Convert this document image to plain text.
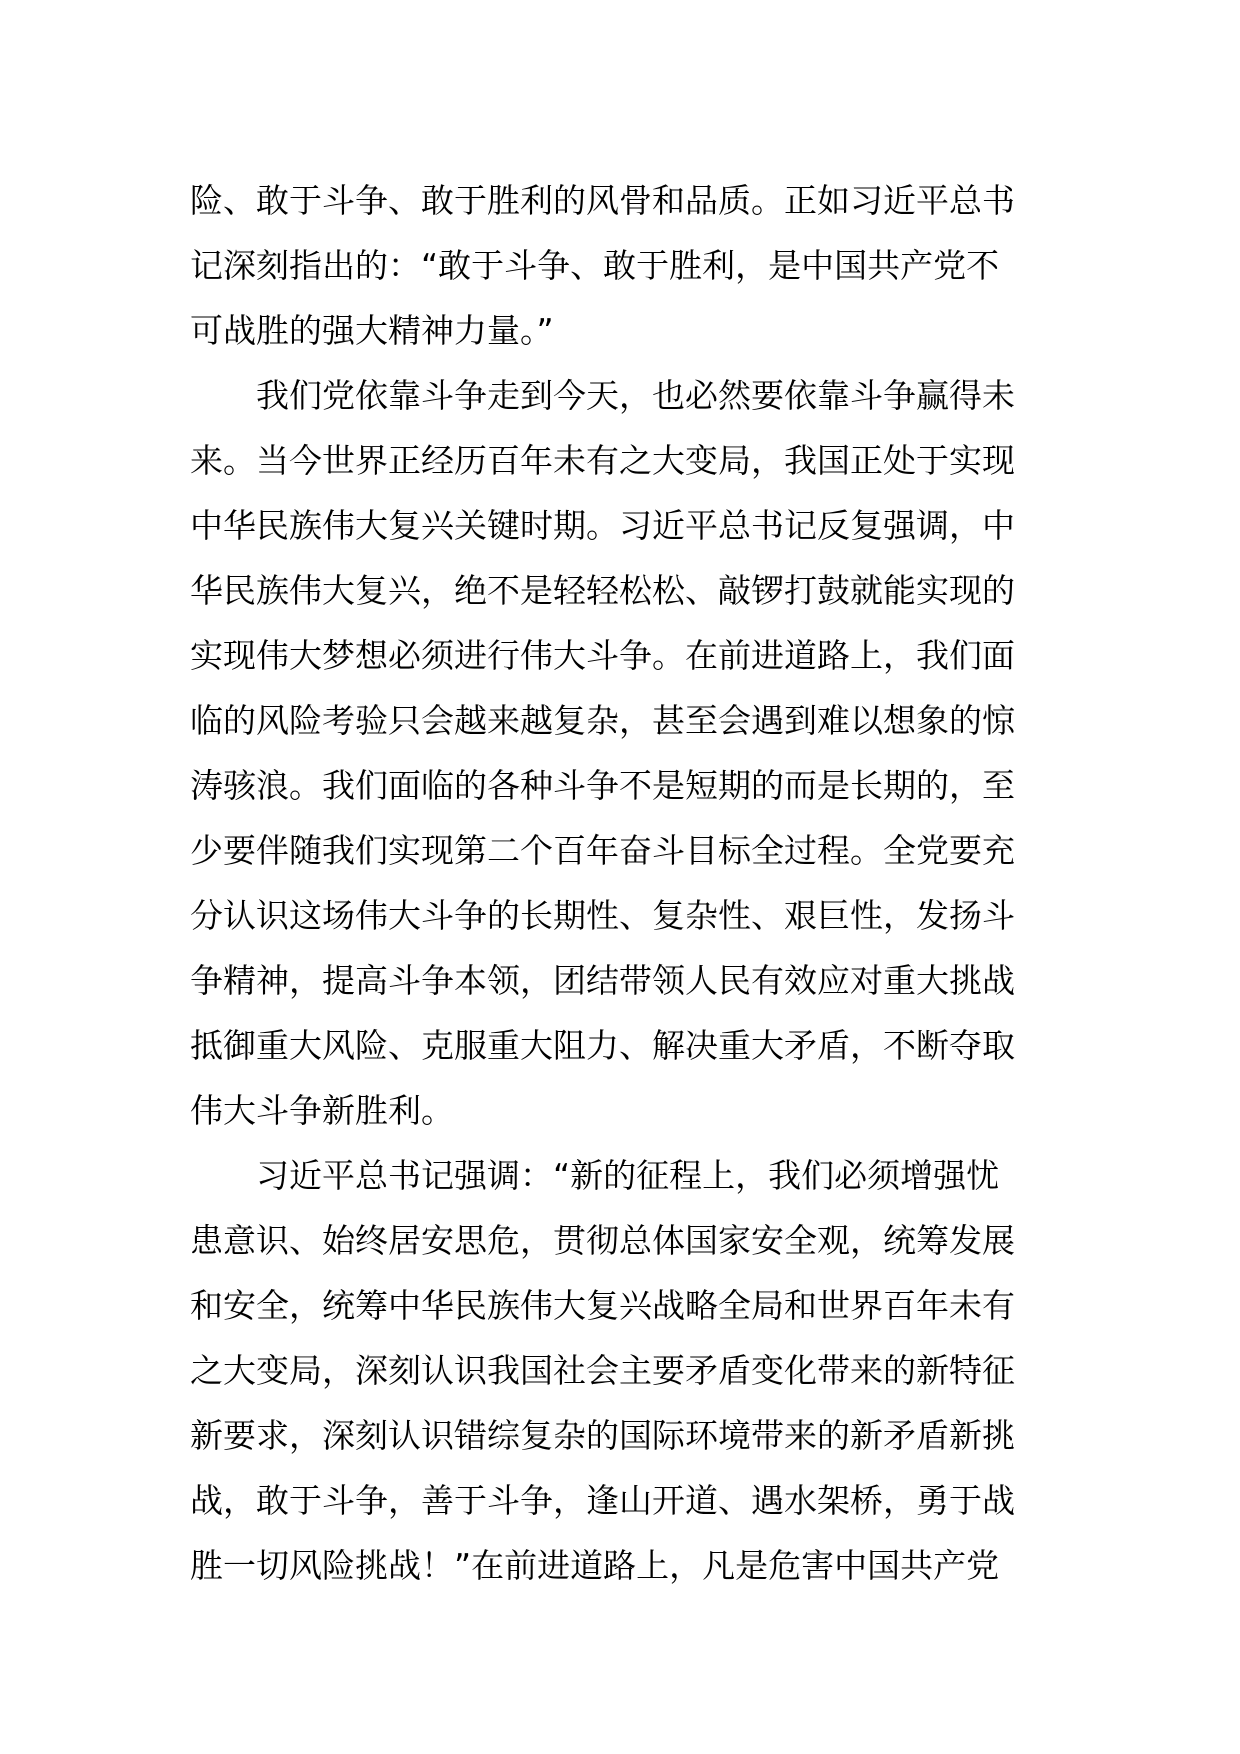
险、敢于斗争、敢于胜利的风骨和品质。正如习近平总书
记深刻指出的：“敢于斗争、敢于胜利，是中国共产党不
可战胜的强大精神力量。”
我们党依靠斗争走到今天，也必然要依靠斗争赢得未
来。当今世界正经历百年未有之大变局，我国正处于实现
中华民族伟大复兴关键时期。习近平总书记反复强调，中
华民族伟大复兴，绝不是轻轻松松、敲锣打鼓就能实现的
实现伟大梦想必须进行伟大斗争。在前进道路上，我们面
临的风险考验只会越来越复杂，甚至会遇到难以想象的惊
涛骇浪。我们面临的各种斗争不是短期的而是长期的，至
少要伴随我们实现第二个百年奋斗目标全过程。全党要充
分认识这场伟大斗争的长期性、复杂性、艰巨性，发扬斗
争精神，提高斗争本领，团结带领人民有效应对重大挑战
抵御重大风险、克服重大阻力、解决重大矛盾，不断夺取
伟大斗争新胜利。
习近平总书记强调：“新的征程上，我们必须增强忧
患意识、始终居安思危，贯彻总体国家安全观，统筹发展
和安全，统筹中华民族伟大复兴战略全局和世界百年未有
之大变局，深刻认识我国社会主要矛盾变化带来的新特征
新要求，深刻认识错综复杂的国际环境带来的新矛盾新挑
战，敢于斗争，善于斗争，逢山开道、遇水架桥，勇于战
胜一切风险挑战！”在前进道路上，凡是危害中国共产党
